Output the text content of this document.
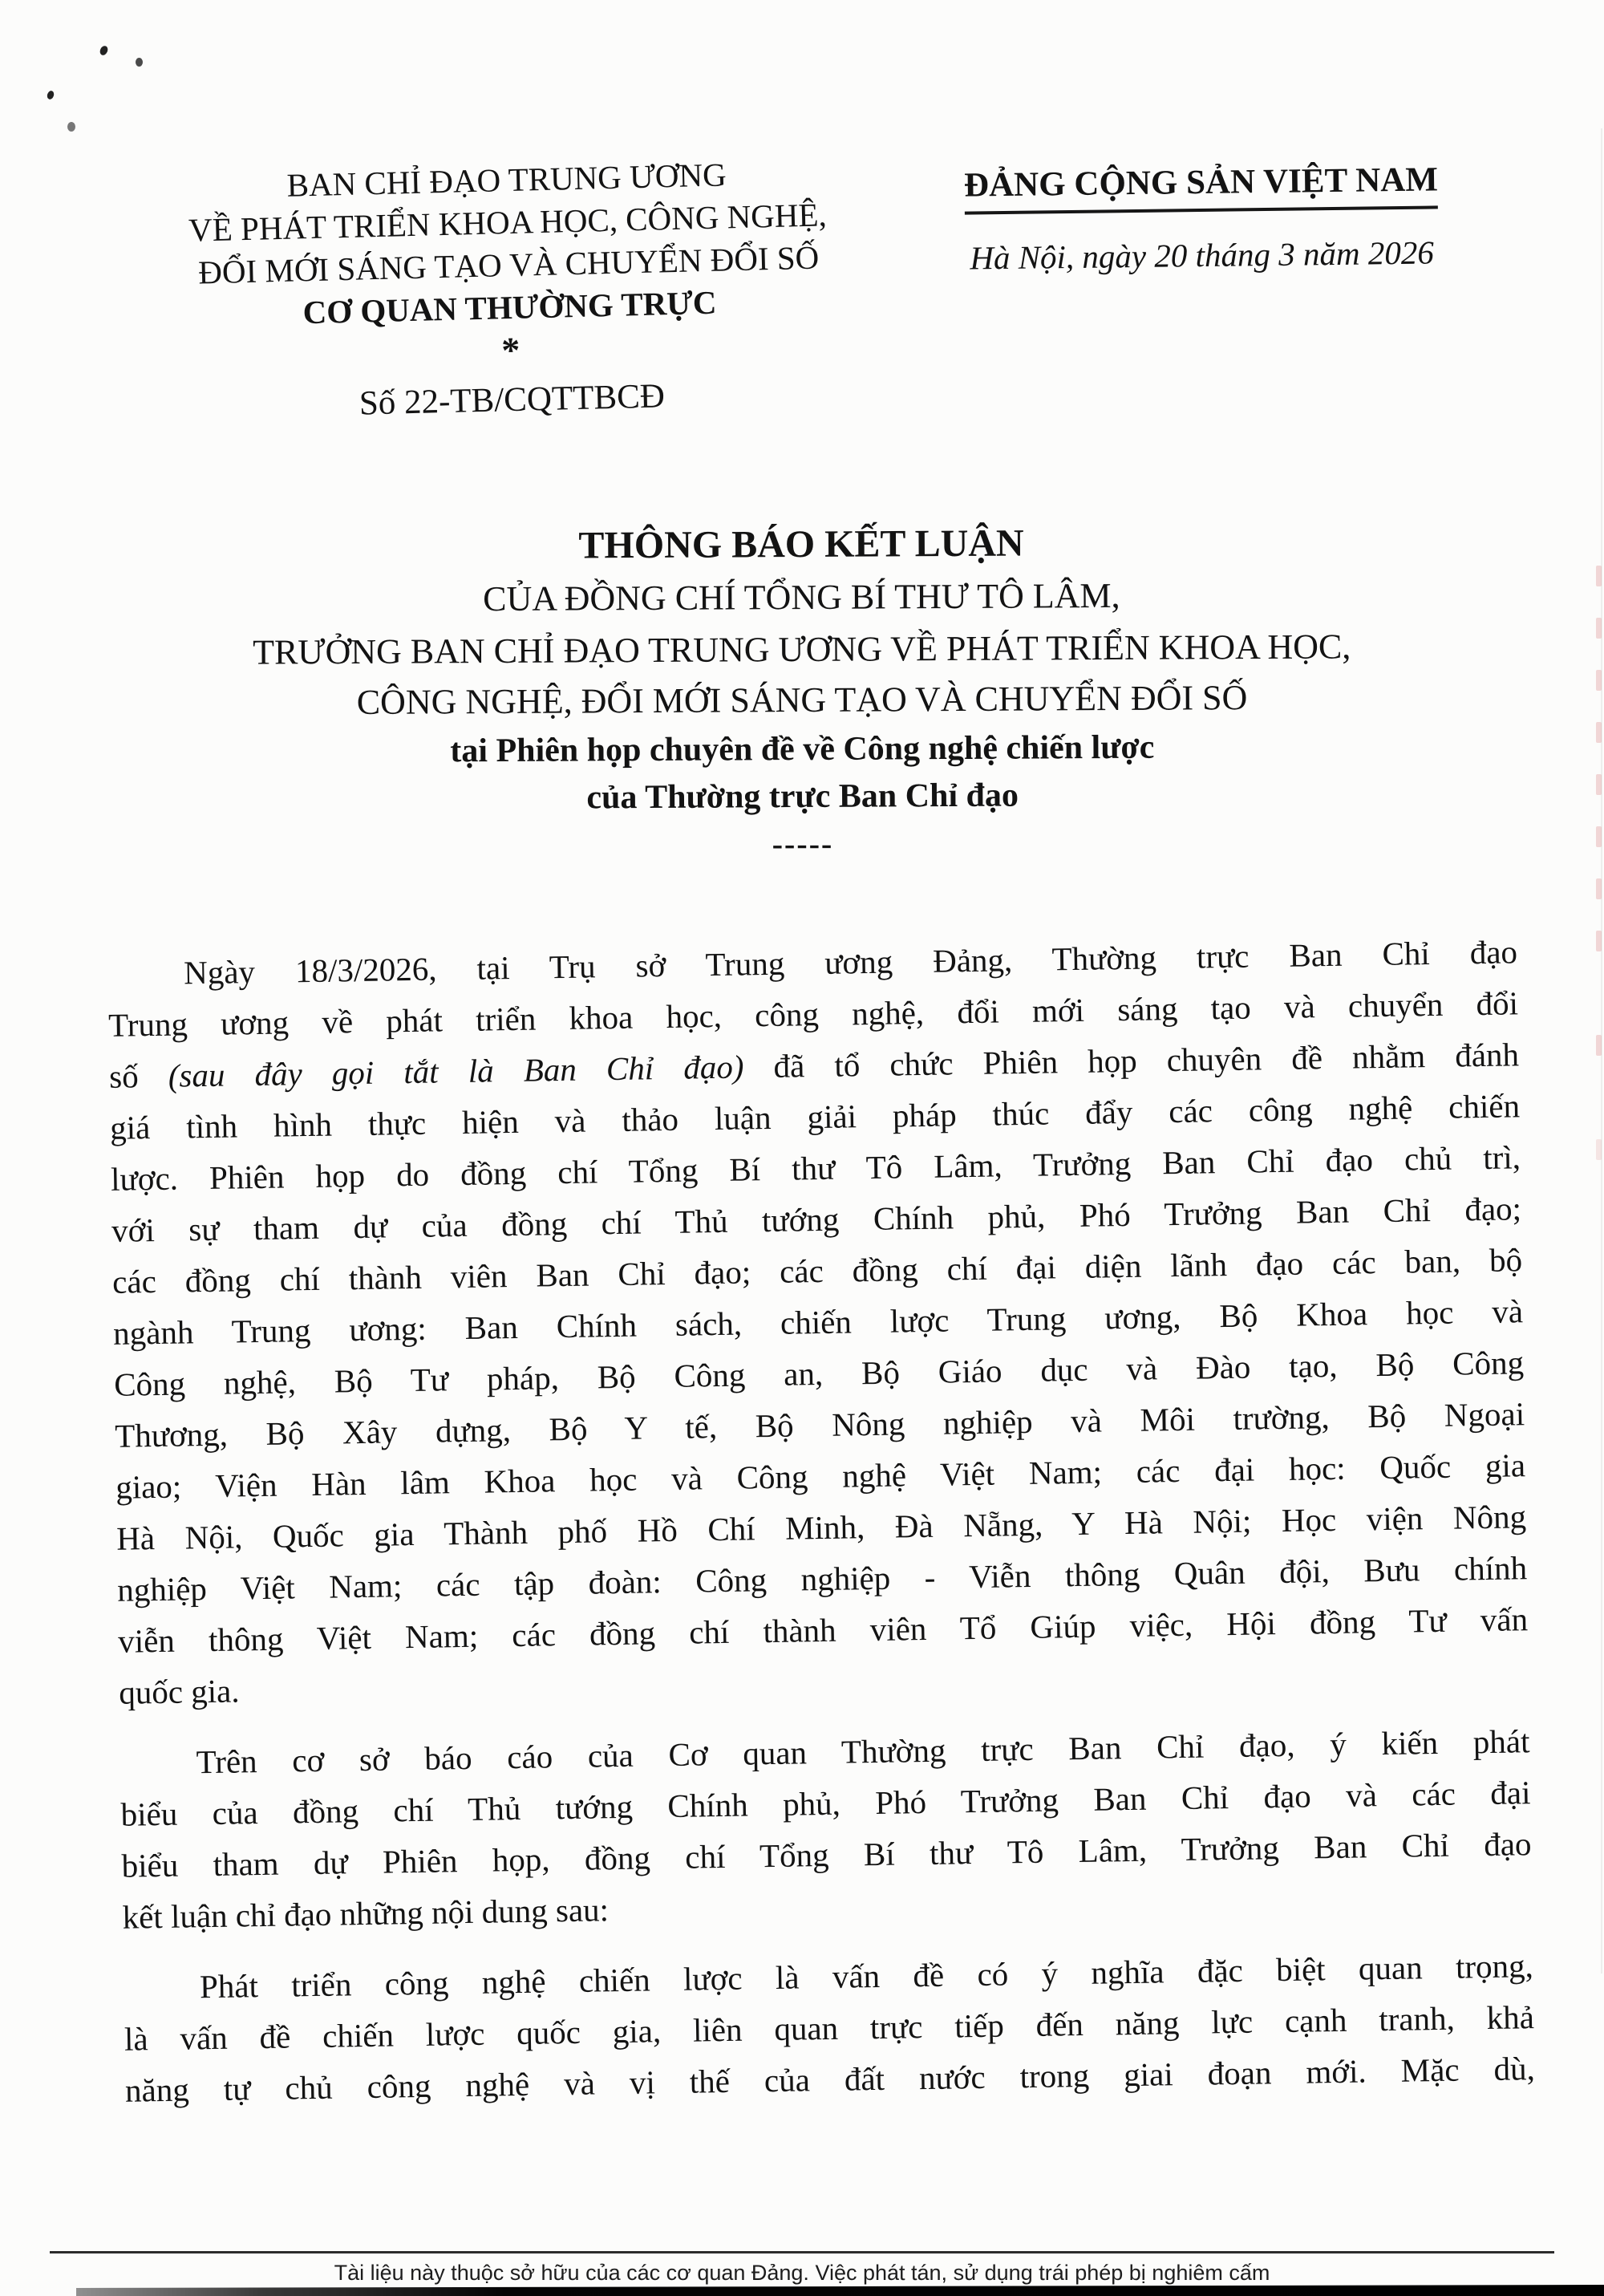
BAN CHỈ ĐẠO TRUNG ƯƠNG
VỀ PHÁT TRIỂN KHOA HỌC, CÔNG NGHỆ,
ĐỔI MỚI SÁNG TẠO VÀ CHUYỂN ĐỔI SỐ
CƠ QUAN THƯỜNG TRỰC
*
Số 22-TB/CQTTBCĐ
ĐẢNG CỘNG SẢN VIỆT NAM
Hà Nội, ngày 20 tháng 3 năm 2026
THÔNG BÁO KẾT LUẬN
CỦA ĐỒNG CHÍ TỔNG BÍ THƯ TÔ LÂM,
TRƯỞNG BAN CHỈ ĐẠO TRUNG ƯƠNG VỀ PHÁT TRIỂN KHOA HỌC,
CÔNG NGHỆ, ĐỔI MỚI SÁNG TẠO VÀ CHUYỂN ĐỔI SỐ
tại Phiên họp chuyên đề về Công nghệ chiến lược
của Thường trực Ban Chỉ đạo
-----
Ngày 18/3/2026, tại Trụ sở Trung ương Đảng, Thường trực Ban Chỉ đạo
Trung ương về phát triển khoa học, công nghệ, đổi mới sáng tạo và chuyển đổi
số (sau đây gọi tắt là Ban Chỉ đạo) đã tổ chức Phiên họp chuyên đề nhằm đánh
giá tình hình thực hiện và thảo luận giải pháp thúc đẩy các công nghệ chiến
lược. Phiên họp do đồng chí Tổng Bí thư Tô Lâm, Trưởng Ban Chỉ đạo chủ trì,
với sự tham dự của đồng chí Thủ tướng Chính phủ, Phó Trưởng Ban Chỉ đạo;
các đồng chí thành viên Ban Chỉ đạo; các đồng chí đại diện lãnh đạo các ban, bộ
ngành Trung ương: Ban Chính sách, chiến lược Trung ương, Bộ Khoa học và
Công nghệ, Bộ Tư pháp, Bộ Công an, Bộ Giáo dục và Đào tạo, Bộ Công
Thương, Bộ Xây dựng, Bộ Y tế, Bộ Nông nghiệp và Môi trường, Bộ Ngoại
giao; Viện Hàn lâm Khoa học và Công nghệ Việt Nam; các đại học: Quốc gia
Hà Nội, Quốc gia Thành phố Hồ Chí Minh, Đà Nẵng, Y Hà Nội; Học viện Nông
nghiệp Việt Nam; các tập đoàn: Công nghiệp - Viễn thông Quân đội, Bưu chính
viễn thông Việt Nam; các đồng chí thành viên Tổ Giúp việc, Hội đồng Tư vấn
quốc gia.
Trên cơ sở báo cáo của Cơ quan Thường trực Ban Chỉ đạo, ý kiến phát
biểu của đồng chí Thủ tướng Chính phủ, Phó Trưởng Ban Chỉ đạo và các đại
biểu tham dự Phiên họp, đồng chí Tổng Bí thư Tô Lâm, Trưởng Ban Chỉ đạo
kết luận chỉ đạo những nội dung sau:
Phát triển công nghệ chiến lược là vấn đề có ý nghĩa đặc biệt quan trọng,
là vấn đề chiến lược quốc gia, liên quan trực tiếp đến năng lực cạnh tranh, khả
năng tự chủ công nghệ và vị thế của đất nước trong giai đoạn mới. Mặc dù,
Tài liệu này thuộc sở hữu của các cơ quan Đảng. Việc phát tán, sử dụng trái phép bị nghiêm cấm
